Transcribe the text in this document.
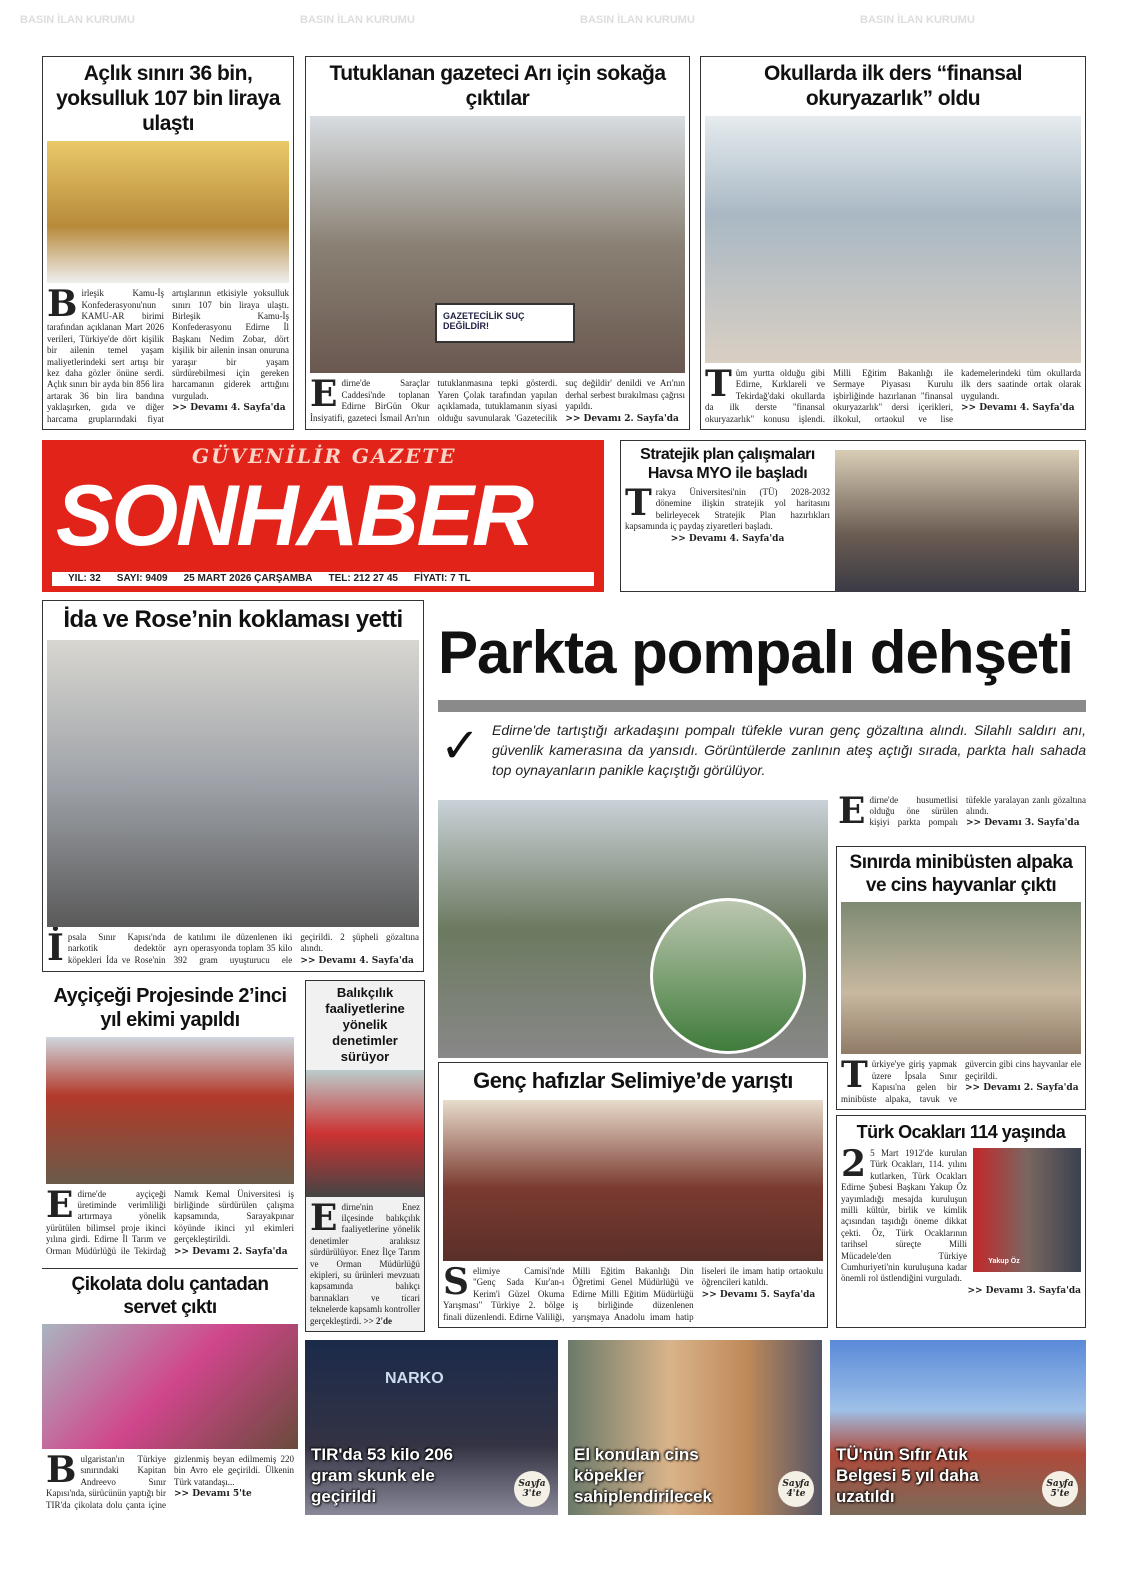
BASIN İLAN KURUMU	BASIN İLAN KURUMU	BASIN İLAN KURUMU	BASIN İLAN KURUMU
Açlık sınırı 36 bin, yoksulluk 107 bin liraya ulaştı
Birleşik Kamu-İş Konfederasyonu'nun KAMU-AR birimi tarafından açıklanan Mart 2026 verileri, Türkiye'de dört kişilik bir ailenin temel yaşam maliyetlerindeki sert artışı bir kez daha gözler önüne serdi. Açlık sınırı bir ayda bin 856 lira artarak 36 bin lira bandına yaklaşırken, gıda ve diğer harcama gruplarındaki fiyat artışlarının etkisiyle yoksulluk sınırı 107 bin liraya ulaştı. Birleşik Kamu-İş Konfederasyonu Edirne İl Başkanı Nedim Zobar, dört kişilik bir ailenin insan onuruna yaraşır bir yaşam sürdürebilmesi için gereken harcamanın giderek arttığını vurguladı.
>> Devamı 4. Sayfa'da
Tutuklanan gazeteci Arı için sokağa çıktılar
GAZETECİLİK SUÇ DEĞİLDİR!
Edirne'de Saraçlar Caddesi'nde toplanan Edirne BirGün Okur İnsiyatifi, gazeteci İsmail Arı'nın tutuklanmasına tepki gösterdi. Yaren Çolak tarafından yapılan açıklamada, tutuklamanın siyasi olduğu savunularak 'Gazetecilik suç değildir' denildi ve Arı'nın derhal serbest bırakılması çağrısı yapıldı.
>> Devamı 2. Sayfa'da
Okullarda ilk ders “finansal okuryazarlık” oldu
Tüm yurtta olduğu gibi Edirne, Kırklareli ve Tekirdağ'daki okullarda da ilk derste "finansal okuryazarlık" konusu işlendi. Milli Eğitim Bakanlığı ile Sermaye Piyasası Kurulu işbirliğinde hazırlanan "finansal okuryazarlık" dersi içerikleri, ilkokul, ortaokul ve lise kademelerindeki tüm okullarda ilk ders saatinde ortak olarak uygulandı.
>> Devamı 4. Sayfa'da
GÜVENİLİR GAZETE
SONHABER
YIL: 32 SAYI: 9409 25 MART 2026 ÇARŞAMBA TEL: 212 27 45 FİYATI: 7 TL
Stratejik plan çalışmaları Havsa MYO ile başladı
Trakya Üniversitesi'nin (TÜ) 2028-2032 dönemine ilişkin stratejik yol haritasını belirleyecek Stratejik Plan hazırlıkları kapsamında iç paydaş ziyaretleri başladı.
>> Devamı 4. Sayfa'da
İda ve Rose’nin koklaması yetti
İpsala Sınır Kapısı'nda narkotik dedektör köpekleri İda ve Rose'nin de katılımı ile düzenlenen iki ayrı operasyonda toplam 35 kilo 392 gram uyuşturucu ele geçirildi. 2 şüpheli gözaltına alındı.
>> Devamı 4. Sayfa'da
Parkta pompalı dehşeti
✓ Edirne'de tartıştığı arkadaşını pompalı tüfekle vuran genç gözaltına alındı. Silahlı saldırı anı, güvenlik kamerasına da yansıdı. Görüntülerde zanlının ateş açtığı sırada, parkta halı sahada top oynayanların panikle kaçıştığı görülüyor.
Edirne'de husumetlisi olduğu öne sürülen kişiyi parkta pompalı tüfekle yaralayan zanlı gözaltına alındı.
>> Devamı 3. Sayfa'da
Sınırda minibüsten alpaka ve cins hayvanlar çıktı
Türkiye'ye giriş yapmak üzere İpsala Sınır Kapısı'na gelen bir minibüste alpaka, tavuk ve güvercin gibi cins hayvanlar ele geçirildi.
>> Devamı 2. Sayfa'da
Türk Ocakları 114 yaşında
Yakup Öz
2 5 Mart 1912'de kurulan Türk Ocakları, 114. yılını kutlarken, Türk Ocakları Edirne Şubesi Başkanı Yakup Öz yayımladığı mesajda kuruluşun milli kültür, birlik ve kimlik açısından taşıdığı öneme dikkat çekti. Öz, Türk Ocaklarının tarihsel süreçte Milli Mücadele'den Türkiye Cumhuriyeti'nin kuruluşuna kadar önemli rol üstlendiğini vurguladı.
>> Devamı 3. Sayfa'da
Ayçiçeği Projesinde 2’inci yıl ekimi yapıldı
Edirne'de ayçiçeği üretiminde verimliliği artırmaya yönelik yürütülen bilimsel proje ikinci yılına girdi. Edirne İl Tarım ve Orman Müdürlüğü ile Tekirdağ Namık Kemal Üniversitesi iş birliğinde sürdürülen çalışma kapsamında, Sarayakpınar köyünde ikinci yıl ekimleri gerçekleştirildi.
>> Devamı 2. Sayfa'da
Balıkçılık faaliyetlerine yönelik denetimler sürüyor
Edirne'nin Enez ilçesinde balıkçılık faaliyetlerine yönelik denetimler aralıksız sürdürülüyor. Enez İlçe Tarım ve Orman Müdürlüğü ekipleri, su ürünleri mevzuatı kapsamında balıkçı barınakları ve ticari teknelerde kapsamlı kontroller gerçekleştirdi. >> 2'de
Genç hafızlar Selimiye’de yarıştı
Selimiye Camisi'nde "Genç Sada Kur'an-ı Kerim'i Güzel Okuma Yarışması" Türkiye 2. bölge finali düzenlendi. Edirne Valiliği, Milli Eğitim Bakanlığı Din Öğretimi Genel Müdürlüğü ve Edirne Milli Eğitim Müdürlüğü iş birliğinde düzenlenen yarışmaya Anadolu imam hatip liseleri ile imam hatip ortaokulu öğrencileri katıldı.
>> Devamı 5. Sayfa'da
Çikolata dolu çantadan servet çıktı
Bulgaristan'ın Türkiye sınırındaki Kapitan Andreevo Sınır Kapısı'nda, sürücünün yaptığı bir TIR'da çikolata dolu çanta içine gizlenmiş beyan edilmemiş 220 bin Avro ele geçirildi. Ülkenin Türk vatandaşı...
>> Devamı 5'te
NARKO
TIR'da 53 kilo 206 gram skunk ele geçirildi
Sayfa 3'te
El konulan cins köpekler sahiplendirilecek
Sayfa 4'te
TÜ'nün Sıfır Atık Belgesi 5 yıl daha uzatıldı
Sayfa 5'te
